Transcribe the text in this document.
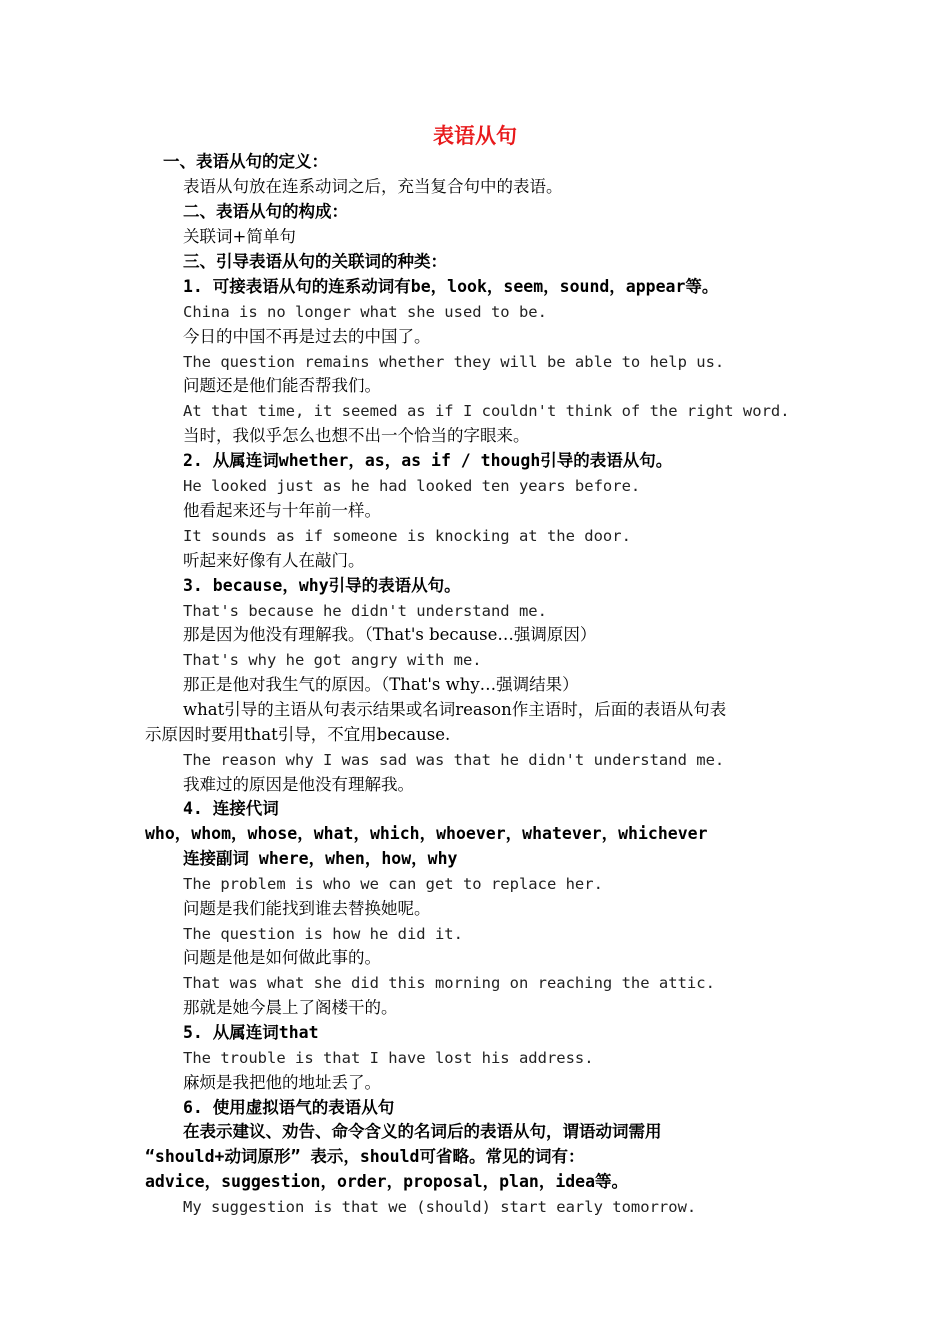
表语从句
一、表语从句的定义：
表语从句放在连系动词之后，充当复合句中的表语。
二、表语从句的构成：
关联词+简单句
三、引导表语从句的关联词的种类：
1. 可接表语从句的连系动词有be，look，seem，sound，appear等。
China is no longer what she used to be.
今日的中国不再是过去的中国了。
The question remains whether they will be able to help us.
问题还是他们能否帮我们。
At that time, it seemed as if I couldn't think of the right word.
当时，我似乎怎么也想不出一个恰当的字眼来。
2. 从属连词whether，as，as if / though引导的表语从句。
He looked just as he had looked ten years before.
他看起来还与十年前一样。
It sounds as if someone is knocking at the door.
听起来好像有人在敲门。
3. because，why引导的表语从句。
That's because he didn't understand me.
那是因为他没有理解我。（That's because…强调原因）
That's why he got angry with me.
那正是他对我生气的原因。（That's why…强调结果）
what引导的主语从句表示结果或名词reason作主语时，后面的表语从句表
示原因时要用that引导，不宜用because.
The reason why I was sad was that he didn't understand me.
我难过的原因是他没有理解我。
4. 连接代词
who，whom，whose，what，which，whoever，whatever，whichever
连接副词 where，when，how，why
The problem is who we can get to replace her.
问题是我们能找到谁去替换她呢。
The question is how he did it.
问题是他是如何做此事的。
That was what she did this morning on reaching the attic.
那就是她今晨上了阁楼干的。
5. 从属连词that
The trouble is that I have lost his address.
麻烦是我把他的地址丢了。
6. 使用虚拟语气的表语从句
在表示建议、劝告、命令含义的名词后的表语从句，谓语动词需用
“should+动词原形” 表示，should可省略。常见的词有：
advice，suggestion，order，proposal，plan，idea等。
My suggestion is that we (should) start early tomorrow.
